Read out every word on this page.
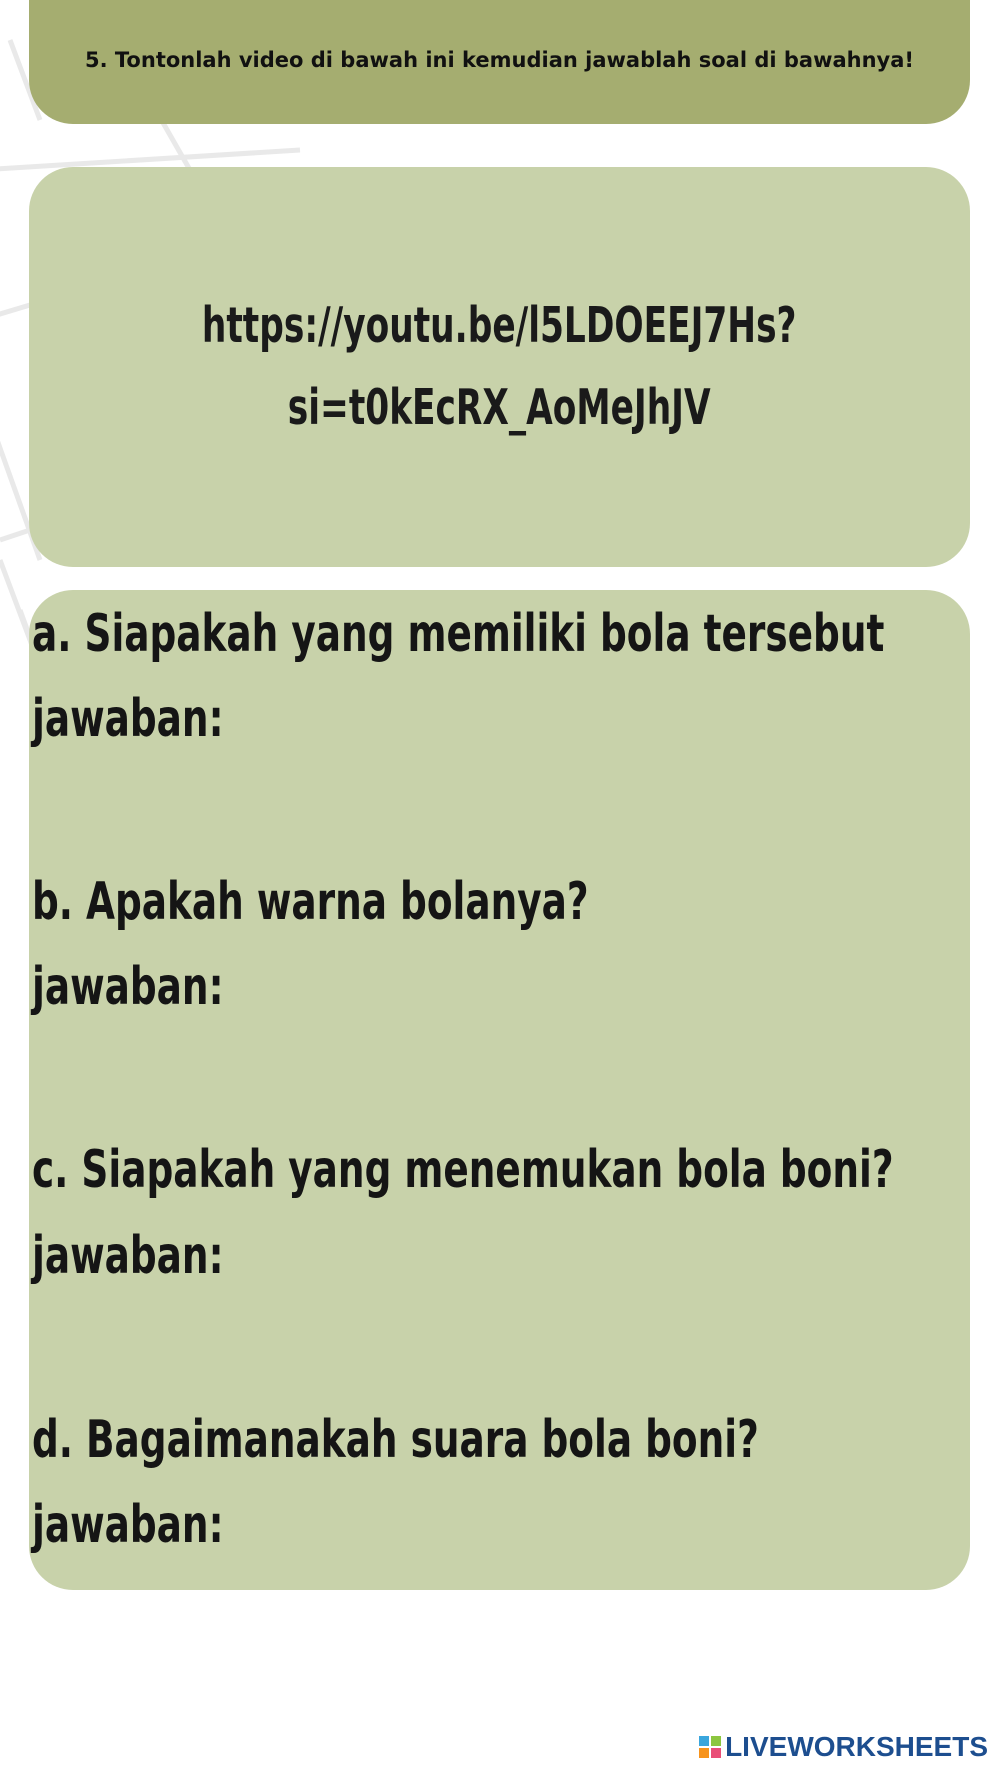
5. Tontonlah video di bawah ini kemudian jawablah soal di bawahnya!
https://youtu.be/l5LDOEEJ7Hs?
si=t0kEcRX_AoMeJhJV
a. Siapakah yang memiliki bola tersebut
jawaban:
b. Apakah warna bolanya?
jawaban:
c. Siapakah yang menemukan bola boni?
jawaban:
d. Bagaimanakah suara bola boni?
jawaban:
LIVEWORKSHEETS
